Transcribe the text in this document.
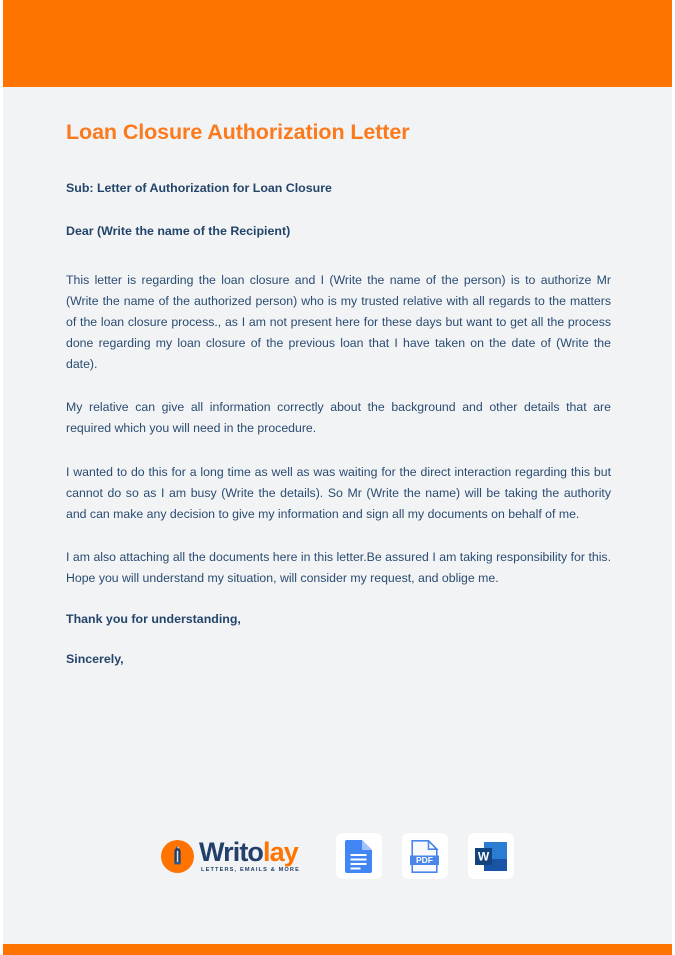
Loan Closure Authorization Letter

Sub: Letter of Authorization for Loan Closure

Dear (Write the name of the Recipient)

This letter is regarding the loan closure and I (Write the name of the person) is to authorize Mr (Write the name of the authorized person) who is my trusted relative with all regards to the matters of the loan closure process., as I am not present here for these days but want to get all the process done regarding my loan closure of the previous loan that I have taken on the date of (Write the date).

My relative can give all information correctly about the background and other details that are required which you will need in the procedure.

I wanted to do this for a long time as well as was waiting for the direct interaction regarding this but cannot do so as I am busy (Write the details). So Mr (Write the name) will be taking the authority and can make any decision to give my information and sign all my documents on behalf of me.

I am also attaching all the documents here in this letter.Be assured I am taking responsibility for this. Hope you will understand my situation, will consider my request, and oblige me.

Thank you for understanding,

Sincerely,

Writolay
LETTERS, EMAILS & MORE
PDF	W
